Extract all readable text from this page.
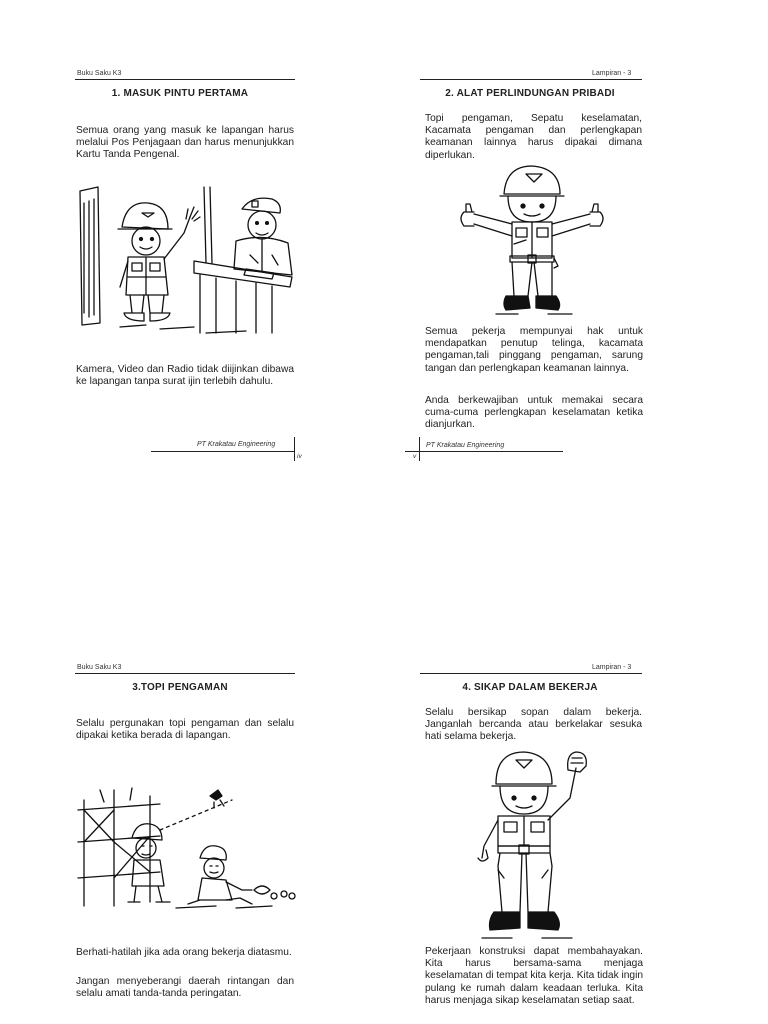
Buku Saku K3
1. MASUK PINTU PERTAMA
Semua orang yang masuk ke lapangan harus melalui Pos Penjagaan dan harus menunjukkan Kartu Tanda Pengenal.
Kamera, Video dan Radio tidak diijinkan dibawa ke lapangan tanpa surat ijin terlebih dahulu.
PT Krakatau Engineering
iv
Lampiran - 3
2. ALAT PERLINDUNGAN PRIBADI
Topi pengaman, Sepatu keselamatan, Kacamata pengaman dan perlengkapan keamanan lainnya harus dipakai dimana diperlukan.
Semua pekerja mempunyai hak untuk mendapatkan penutup telinga, kacamata pengaman,tali pinggang pengaman, sarung tangan dan perlengkapan keamanan lainnya.
Anda berkewajiban untuk memakai secara cuma-cuma perlengkapan keselamatan ketika dianjurkan.
PT Krakatau Engineering
v
Buku Saku K3
3.TOPI PENGAMAN
Selalu pergunakan topi pengaman dan selalu dipakai ketika berada di lapangan.
Berhati-hatilah jika ada orang bekerja diatasmu.
Jangan menyeberangi daerah rintangan dan selalu amati tanda-tanda peringatan.
Lampiran - 3
4. SIKAP DALAM BEKERJA
Selalu bersikap sopan dalam bekerja. Janganlah bercanda atau berkelakar sesuka hati selama bekerja.
Pekerjaan konstruksi dapat membahayakan. Kita harus bersama-sama menjaga keselamatan di tempat kita kerja. Kita tidak ingin pulang ke rumah dalam keadaan terluka. Kita harus menjaga sikap keselamatan setiap saat.
